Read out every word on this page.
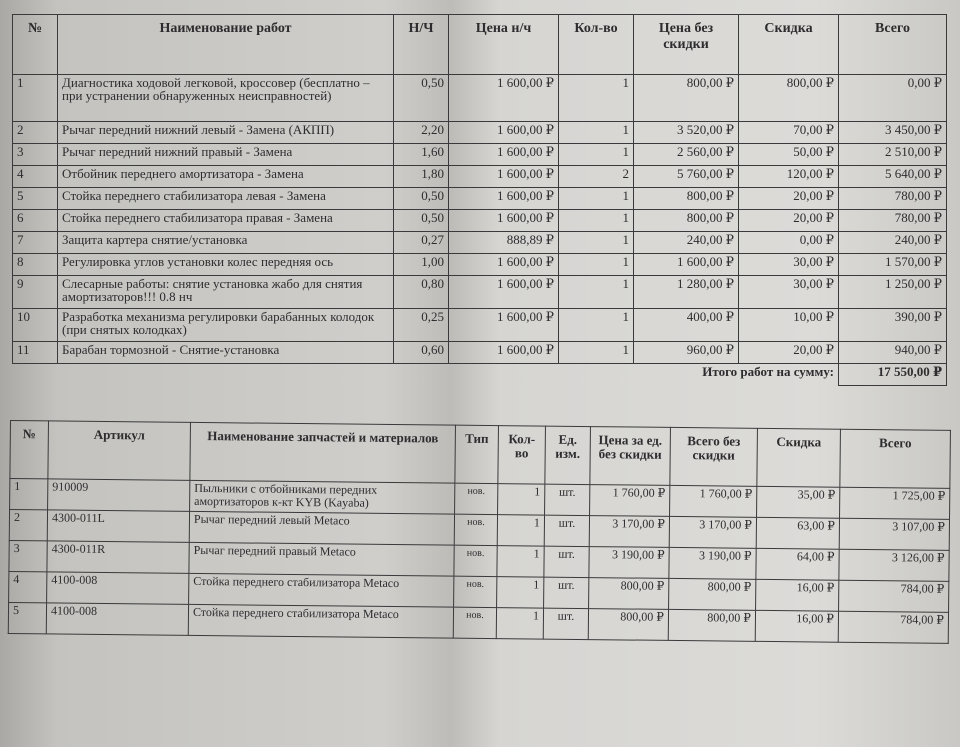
№	Наименование работ	Н/Ч	Цена н/ч	Кол-во	Цена без скидки	Скидка	Всего
1	Диагностика ходовой легковой, кроссовер (бесплатно – при устранении обнаруженных неисправностей)	0,50	1 600,00 ₽	1	800,00 ₽	800,00 ₽	0,00 ₽
2	Рычаг передний нижний левый - Замена (АКПП)	2,20	1 600,00 ₽	1	3 520,00 ₽	70,00 ₽	3 450,00 ₽
3	Рычаг передний нижний правый - Замена	1,60	1 600,00 ₽	1	2 560,00 ₽	50,00 ₽	2 510,00 ₽
4	Отбойник переднего амортизатора - Замена	1,80	1 600,00 ₽	2	5 760,00 ₽	120,00 ₽	5 640,00 ₽
5	Стойка переднего стабилизатора левая - Замена	0,50	1 600,00 ₽	1	800,00 ₽	20,00 ₽	780,00 ₽
6	Стойка переднего стабилизатора правая - Замена	0,50	1 600,00 ₽	1	800,00 ₽	20,00 ₽	780,00 ₽
7	Защита картера снятие/установка	0,27	888,89 ₽	1	240,00 ₽	0,00 ₽	240,00 ₽
8	Регулировка углов установки колес передняя ось	1,00	1 600,00 ₽	1	1 600,00 ₽	30,00 ₽	1 570,00 ₽
9	Слесарные работы: снятие установка жабо для снятия амортизаторов!!! 0.8 нч	0,80	1 600,00 ₽	1	1 280,00 ₽	30,00 ₽	1 250,00 ₽
10	Разработка механизма регулировки барабанных колодок (при снятых колодках)	0,25	1 600,00 ₽	1	400,00 ₽	10,00 ₽	390,00 ₽
11	Барабан тормозной - Снятие-установка	0,60	1 600,00 ₽	1	960,00 ₽	20,00 ₽	940,00 ₽
Итого работ на сумму:							17 550,00 ₽
№	Артикул	Наименование запчастей и материалов	Тип	Кол-во	Ед. изм.	Цена за ед. без скидки	Всего без скидки	Скидка	Всего
1	910009	Пыльники с отбойниками передних амортизаторов к-кт KYB (Kayaba)	нов.	1	шт.	1 760,00 ₽	1 760,00 ₽	35,00 ₽	1 725,00 ₽
2	4300-011L	Рычаг передний левый Metaco	нов.	1	шт.	3 170,00 ₽	3 170,00 ₽	63,00 ₽	3 107,00 ₽
3	4300-011R	Рычаг передний правый Metaco	нов.	1	шт.	3 190,00 ₽	3 190,00 ₽	64,00 ₽	3 126,00 ₽
4	4100-008	Стойка переднего стабилизатора Metaco	нов.	1	шт.	800,00 ₽	800,00 ₽	16,00 ₽	784,00 ₽
5	4100-008	Стойка переднего стабилизатора Metaco	нов.	1	шт.	800,00 ₽	800,00 ₽	16,00 ₽	784,00 ₽
